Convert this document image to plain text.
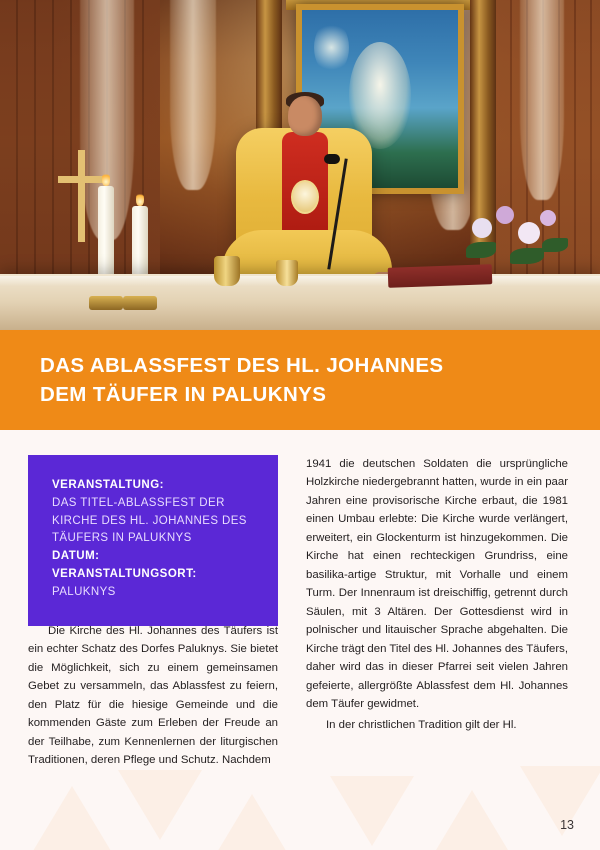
DAS ABLASSFEST DES HL. JOHANNES
DEM TÄUFER IN PALUKNYS
VERANSTALTUNG:
DAS TITEL-ABLASSFEST DER KIRCHE DES HL. JOHANNES DES TÄUFERS IN PALUKNYS
DATUM:
VERANSTALTUNGSORT:
PALUKNYS

Die Kirche des Hl. Johannes des Täufers ist ein echter Schatz des Dorfes Paluknys. Sie bietet die Möglichkeit, sich zu einem gemeinsamen Gebet zu versammeln, das Ablassfest zu feiern, den Platz für die hiesige Gemeinde und die kommenden Gäste zum Erleben der Freude an der Teilhabe, zum Kennenlernen der liturgischen Traditionen, deren Pflege und Schutz. Nachdem

1941 die deutschen Soldaten die ursprüngliche Holzkirche niedergebrannt hatten, wurde in ein paar Jahren eine provisorische Kirche erbaut, die 1981 einen Umbau erlebte: Die Kirche wurde verlängert, erweitert, ein Glockenturm ist hinzugekommen. Die Kirche hat einen rechteckigen Grundriss, eine basilika-artige Struktur, mit Vorhalle und einem Turm. Der Innenraum ist dreischiffig, getrennt durch Säulen, mit 3 Altären. Der Gottesdienst wird in polnischer und litauischer Sprache abgehalten. Die Kirche trägt den Titel des Hl. Johannes des Täufers, daher wird das in dieser Pfarrei seit vielen Jahren gefeierte, allergrößte Ablassfest dem Hl. Johannes dem Täufer gewidmet.

In der christlichen Tradition gilt der Hl.

13
